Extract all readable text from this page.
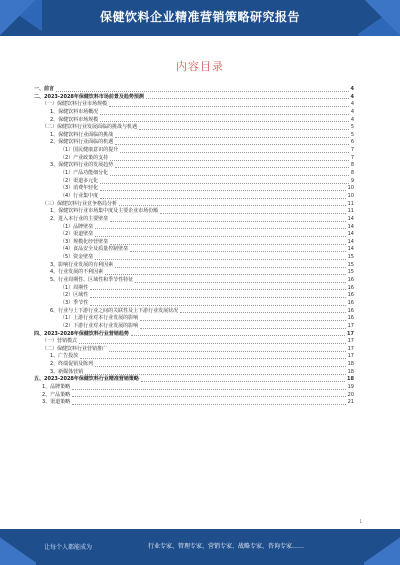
保健饮料企业精准营销策略研究报告
内容目录
一、前言	4
二、2023-2028年保健饮料市场前景及趋势预测	4
（一）保健饮料行业市场规模	4
1、保健饮料市场概况	4
2、保健饮料市场规模	4
（二）保健饮料行业发展面临的挑战与机遇	5
1、保健饮料行业面临的挑战	5
2、保健饮料行业面临的机遇	6
（1）国民健康意识的提升	7
（2）产业政策的支持	7
3、保健饮料行业的发展趋势	8
（1）产品功能细分化	8
（2）渠道多元化	9
（3）消费年轻化	10
（4）行业集中度	10
（三）保健饮料行业竞争格局分析	11
1、保健饮料行业市场集中度及主要企业市场份额	11
2、进入本行业的主要壁垒	14
（1）品牌壁垒	14
（2）渠道壁垒	14
（3）规模化经营壁垒	14
（4）食品安全及质量控制壁垒	14
（5）资金壁垒	15
3、影响行业发展的有利因素	15
4、行业发展的不利因素	15
5、行业周期性、区域性和季节性特征	16
（1）周期性	16
（2）区域性	16
（3）季节性	16
6、行业与上下游行业之间的关联性及上下游行业发展状况	16
（1）上游行业对本行业发展的影响	16
（2）下游行业对本行业发展的影响	17
四、2023-2028年保健饮料行业营销趋势	17
（一）营销模式	17
（二）保健饮料行业营销推广	17
1、广告投放	17
2、终端促销及陈列	18
3、新媒体营销	18
五、2023-2028年保健饮料行业精准营销策略	18
1、品牌策略	19
2、产品策略	20
3、渠道策略	21
1
让每个人都能成为	行业专家、管理专家、营销专家、战略专家、咨询专家……
